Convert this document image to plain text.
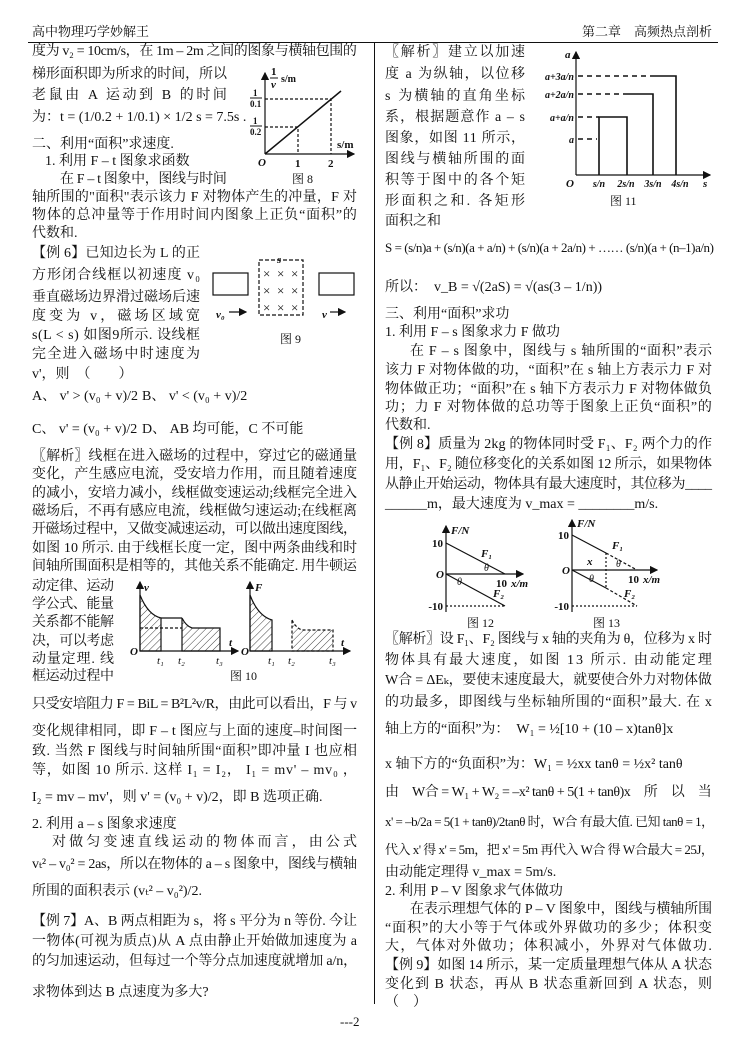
高中物理巧学妙解王	第二章　高频热点剖析
---2
1
v s/m
1
0.1
1
0.2
s/m
O	1	2
图 8
s
× × ×
× × ×
× × ×
v₀	v
图 9
v
t
O
t₁ t₂	t₃
F
t
O
t₁ t₂	t₃
图 10
a
a+3a/n
a+2a/n
a+a/n
a
O s/n 2s/n 3s/n 4s/n s
图 11
F/N
10
-10
O
F₁
F₂
θ
θ	10 x/m
图 12
F/N
10
-10
O
x
F₁
F₂
θ
θ	10 x/m
图 13
度为 v₂ = 10cm/s，在 1m – 2m 之间的图象与横轴包围的
梯形面积即为所求的时间，所以
老鼠由 A 运动到 B 的时间
为：t = (1/0.2 + 1/0.1) × 1/2 s = 7.5s .
二、利用“面积”求速度.
1. 利用 F – t 图象求函数
在 F – t 图象中，图线与时间
轴所围的"面积"表示该力 F 对物体产生的冲量，F 对
物体的总冲量等于作用时间内图象上正负“面积”的
代数和.
【例 6】已知边长为 L 的正
方形闭合线框以初速度 v₀
垂直磁场边界滑过磁场后速
度变为 v，磁场区域宽
s(L < s) 如图9所示. 设线框
完全进入磁场中时速度为
v'，则　（　　）
A、 v' > (v₀ + v)/2 B、 v' < (v₀ + v)/2
C、 v' = (v₀ + v)/2 D、 AB 均可能，C 不可能
〖解析〗线框在进入磁场的过程中，穿过它的磁通量
变化，产生感应电流，受安培力作用，而且随着速度
的减小，安培力减小，线框做变速运动;线框完全进入
磁场后，不再有感应电流，线框做匀速运动;在线框离
开磁场过程中，又做变减速运动，可以做出速度图线，
如图 10 所示. 由于线框长度一定，图中两条曲线和时
间轴所围面积是相等的，其他关系不能确定. 用牛顿运
动定律、运动
学公式、能量
关系都不能解
决，可以考虑
动量定理. 线
框运动过程中
只受安培阻力 F = BiL = B²L²v/R，由此可以看出，F 与 v
变化规律相同，即 F – t 图应与上面的速度–时间图一
致. 当然 F 图线与时间轴所围“面积”即冲量 I 也应相
等，如图 10 所示. 这样 I₁ = I₂， I₁ = mv' – mv₀ ，
I₂ = mv – mv'，则 v' = (v₀ + v)/2，即 B 选项正确.
2. 利用 a – s 图象求速度
对做匀变速直线运动的物体而言，由公式
vₜ² – v₀² = 2as，所以在物体的 a – s 图象中，图线与横轴
所围的面积表示 (vₜ² – v₀²)/2.
【例 7】A、B 两点相距为 s，将 s 平分为 n 等份. 今让
一物体(可视为质点)从 A 点由静止开始做加速度为 a
的匀加速运动，但每过一个等分点加速度就增加 a/n，
求物体到达 B 点速度为多大?
〖解析〗建立以加速
度 a 为纵轴，以位移
s 为横轴的直角坐标
系，根据题意作 a – s
图象，如图 11 所示，
图线与横轴所围的面
积等于图中的各个矩
形面积之和. 各矩形
面积之和
S = (s/n)a + (s/n)(a + a/n) + (s/n)(a + 2a/n) + …… (s/n)(a + (n–1)a/n)
所以：　v_B = √(2aS) = √(as(3 – 1/n))
三、利用“面积”求功
1. 利用 F – s 图象求力 F 做功
在 F – s 图象中，图线与 s 轴所围的“面积”表示
该力 F 对物体做的功，“面积”在 s 轴上方表示力 F 对
物体做正功；“面积”在 s 轴下方表示力 F 对物体做负
功；力 F 对物体做的总功等于图象上正负“面积”的
代数和.
【例 8】质量为 2kg 的物体同时受 F₁、F₂ 两个力的作
用，F₁、F₂ 随位移变化的关系如图 12 所示，如果物体
从静止开始运动，物体具有最大速度时，其位移为____
______m，最大速度为 v_max = ________m/s.
〖解析〗设 F₁、F₂ 图线与 x 轴的夹角为 θ，位移为 x 时
物体具有最大速度，如图 13 所示. 由动能定理
W合 = ΔEₖ，要使末速度最大，就要使合外力对物体做
的功最多，即图线与坐标轴所围的“面积”最大. 在 x
轴上方的“面积”为：　W₁ = ½[10 + (10 – x)tanθ]x
x 轴下方的“负面积”为：W₁ = ½xx tanθ = ½x² tanθ
由　W合 = W₁ + W₂ = –x² tanθ + 5(1 + tanθ)x　所　以　当
x' = –b/2a = 5(1 + tanθ)/2tanθ 时，W合 有最大值. 已知 tanθ = 1，
代入 x' 得 x' = 5m，把 x' = 5m 再代入 W合 得 W合最大 = 25J，
由动能定理得 v_max = 5m/s.
2. 利用 P – V 图象求气体做功
在表示理想气体的 P – V 图象中，图线与横轴所围
“面积”的大小等于气体或外界做功的多少；体积变
大，气体对外做功；体积减小，外界对气体做功.
【例 9】如图 14 所示，某一定质量理想气体从 A 状态
变化到 B 状态，再从 B 状态重新回到 A 状态，则
（　）
